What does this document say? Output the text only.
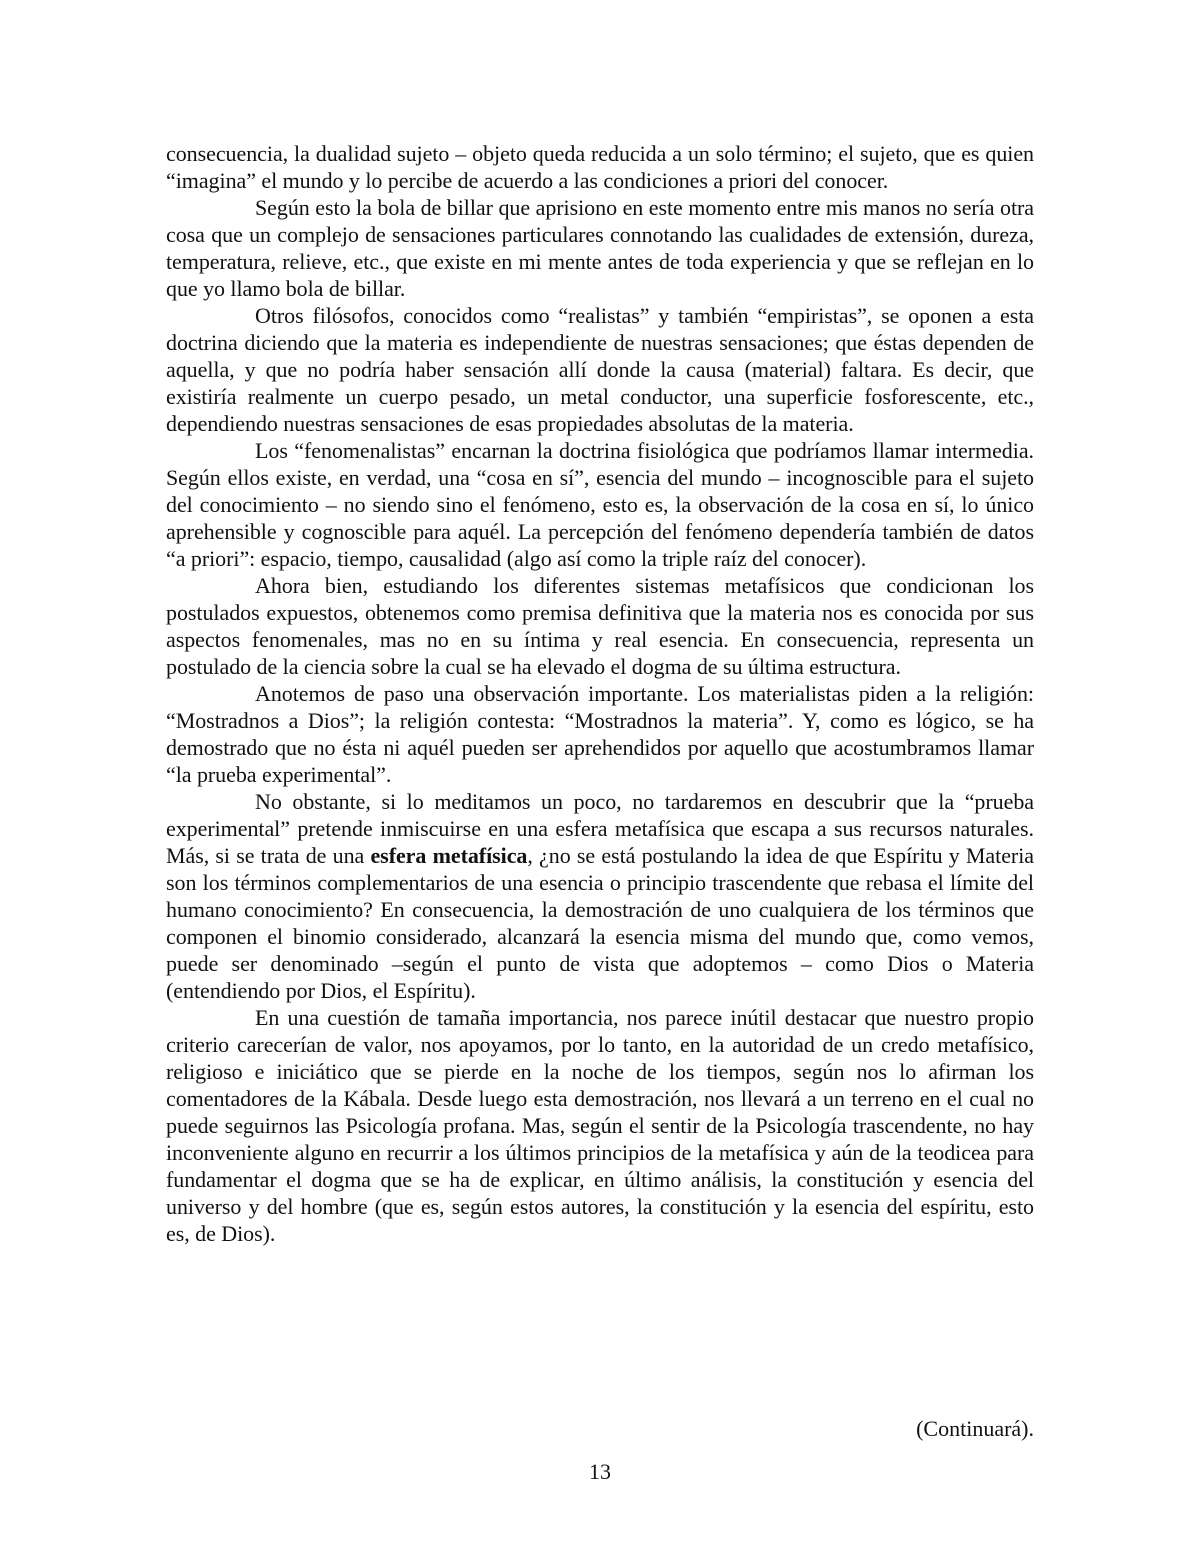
consecuencia, la dualidad sujeto – objeto queda reducida a un solo término; el sujeto, que es quien “imagina” el mundo y lo percibe de acuerdo a las condiciones a priori del conocer.

Según esto la bola de billar que aprisiono en este momento entre mis manos no sería otra cosa que un complejo de sensaciones particulares connotando las cualidades de extensión, dureza, temperatura, relieve, etc., que existe en mi mente antes de toda experiencia y que se reflejan en lo que yo llamo bola de billar.

Otros filósofos, conocidos como “realistas” y también “empiristas”, se oponen a esta doctrina diciendo que la materia es independiente de nuestras sensaciones; que éstas dependen de aquella, y que no podría haber sensación allí donde la causa (material) faltara. Es decir, que existiría realmente un cuerpo pesado, un metal conductor, una superficie fosforescente, etc., dependiendo nuestras sensaciones de esas propiedades absolutas de la materia.

Los “fenomenalistas” encarnan la doctrina fisiológica que podríamos llamar intermedia. Según ellos existe, en verdad, una “cosa en sí”, esencia del mundo – incognoscible para el sujeto del conocimiento – no siendo sino el fenómeno, esto es, la observación de la cosa en sí, lo único aprehensible y cognoscible para aquél. La percepción del fenómeno dependería también de datos “a priori”: espacio, tiempo, causalidad (algo así como la triple raíz del conocer).

Ahora bien, estudiando los diferentes sistemas metafísicos que condicionan los postulados expuestos, obtenemos como premisa definitiva que la materia nos es conocida por sus aspectos fenomenales, mas no en su íntima y real esencia. En consecuencia, representa un postulado de la ciencia sobre la cual se ha elevado el dogma de su última estructura.

Anotemos de paso una observación importante. Los materialistas piden a la religión: “Mostradnos a Dios”; la religión contesta: “Mostradnos la materia”. Y, como es lógico, se ha demostrado que no ésta ni aquél pueden ser aprehendidos por aquello que acostumbramos llamar “la prueba experimental”.

No obstante, si lo meditamos un poco, no tardaremos en descubrir que la “prueba experimental” pretende inmiscuirse en una esfera metafísica que escapa a sus recursos naturales. Más, si se trata de una esfera metafísica, ¿no se está postulando la idea de que Espíritu y Materia son los términos complementarios de una esencia o principio trascendente que rebasa el límite del humano conocimiento? En consecuencia, la demostración de uno cualquiera de los términos que componen el binomio considerado, alcanzará la esencia misma del mundo que, como vemos, puede ser denominado –según el punto de vista que adoptemos – como Dios o Materia (entendiendo por Dios, el Espíritu).

En una cuestión de tamaña importancia, nos parece inútil destacar que nuestro propio criterio carecerían de valor, nos apoyamos, por lo tanto, en la autoridad de un credo metafísico, religioso e iniciático que se pierde en la noche de los tiempos, según nos lo afirman los comentadores de la Kábala. Desde luego esta demostración, nos llevará a un terreno en el cual no puede seguirnos las Psicología profana. Mas, según el sentir de la Psicología trascendente, no hay inconveniente alguno en recurrir a los últimos principios de la metafísica y aún de la teodicea para fundamentar el dogma que se ha de explicar, en último análisis, la constitución y esencia del universo y del hombre (que es, según estos autores, la constitución y la esencia del espíritu, esto es, de Dios).

(Continuará).
13
